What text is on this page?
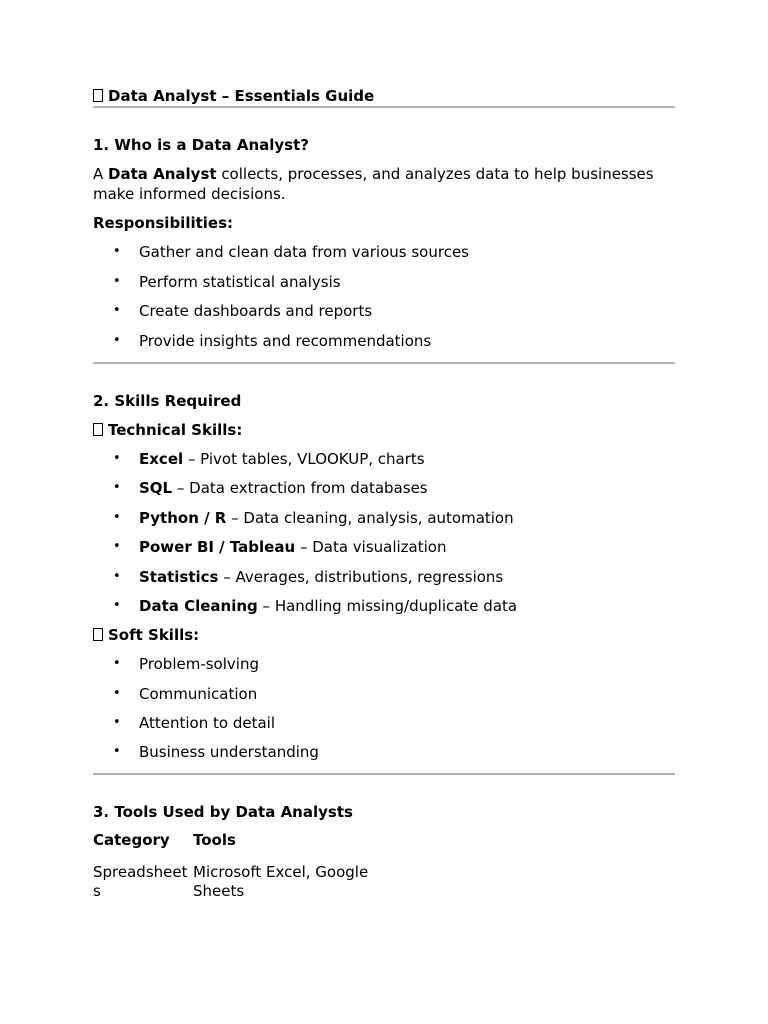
Data Analyst – Essentials Guide
1. Who is a Data Analyst?

A Data Analyst collects, processes, and analyzes data to help businesses make informed decisions.

Responsibilities:
• Gather and clean data from various sources
• Perform statistical analysis
• Create dashboards and reports
• Provide insights and recommendations
2. Skills Required
Technical Skills:
• Excel – Pivot tables, VLOOKUP, charts
• SQL – Data extraction from databases
• Python / R – Data cleaning, analysis, automation
• Power BI / Tableau – Data visualization
• Statistics – Averages, distributions, regressions
• Data Cleaning – Handling missing/duplicate data
Soft Skills:
• Problem-solving
• Communication
• Attention to detail
• Business understanding
3. Tools Used by Data Analysts
Category	Tools
Spreadsheets	Microsoft Excel, Google Sheets
